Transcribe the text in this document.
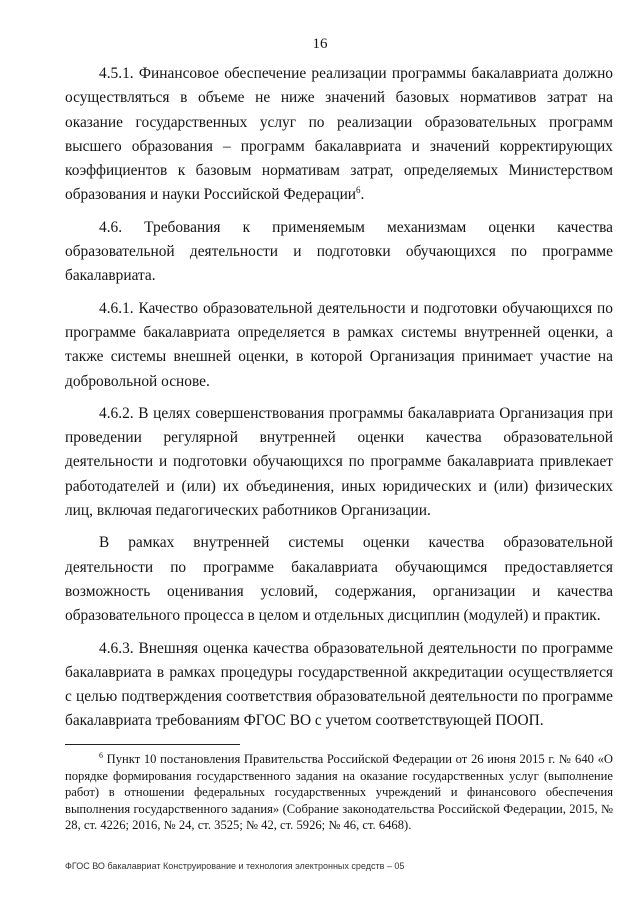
16

4.5.1. Финансовое обеспечение реализации программы бакалавриата должно осуществляться в объеме не ниже значений базовых нормативов затрат на оказание государственных услуг по реализации образовательных программ высшего образования – программ бакалавриата и значений корректирующих коэффициентов к базовым нормативам затрат, определяемых Министерством образования и науки Российской Федерации$^6$.

4.6. Требования к применяемым механизмам оценки качества образовательной деятельности и подготовки обучающихся по программе бакалавриата.

4.6.1. Качество образовательной деятельности и подготовки обучающихся по программе бакалавриата определяется в рамках системы внутренней оценки, а также системы внешней оценки, в которой Организация принимает участие на добровольной основе.

4.6.2. В целях совершенствования программы бакалавриата Организация при проведении регулярной внутренней оценки качества образовательной деятельности и подготовки обучающихся по программе бакалавриата привлекает работодателей и (или) их объединения, иных юридических и (или) физических лиц, включая педагогических работников Организации.

В рамках внутренней системы оценки качества образовательной деятельности по программе бакалавриата обучающимся предоставляется возможность оценивания условий, содержания, организации и качества образовательного процесса в целом и отдельных дисциплин (модулей) и практик.

4.6.3. Внешняя оценка качества образовательной деятельности по программе бакалавриата в рамках процедуры государственной аккредитации осуществляется с целью подтверждения соответствия образовательной деятельности по программе бакалавриата требованиям ФГОС ВО с учетом соответствующей ПООП.

$^6$ Пункт 10 постановления Правительства Российской Федерации от 26 июня 2015 г. № 640 «О порядке формирования государственного задания на оказание государственных услуг (выполнение работ) в отношении федеральных государственных учреждений и финансового обеспечения выполнения государственного задания» (Собрание законодательства Российской Федерации, 2015, № 28, ст. 4226; 2016, № 24, ст. 3525; № 42, ст. 5926; № 46, ст. 6468).
ФГОС ВО бакалавриат Конструирование и технология электронных средств – 05
